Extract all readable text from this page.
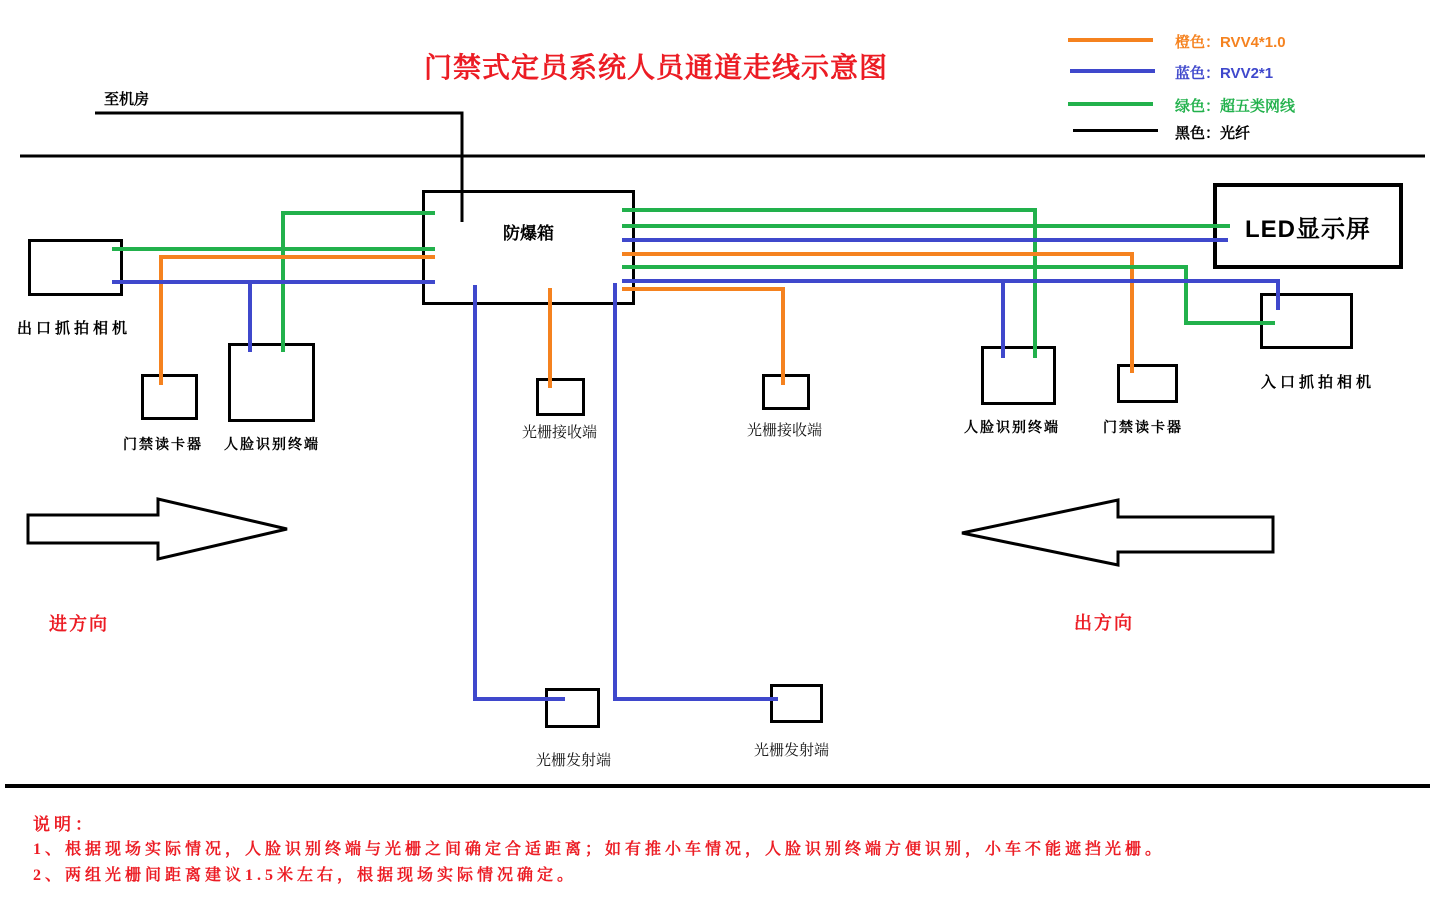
门禁式定员系统人员通道走线示意图
至机房
橙色：RVV4*1.0
蓝色：RVV2*1
绿色：超五类网线
黑色：光纤
防爆箱	LED显示屏
出口抓拍相机
门禁读卡器 人脸识别终端
光栅接收端	光栅接收端	人脸识别终端	门禁读卡器
入口抓拍相机
光栅发射端
光栅发射端
进方向	出方向
说明：
1、根据现场实际情况，人脸识别终端与光栅之间确定合适距离；如有推小车情况，人脸识别终端方便识别，小车不能遮挡光栅。
2、两组光栅间距离建议1.5米左右，根据现场实际情况确定。
